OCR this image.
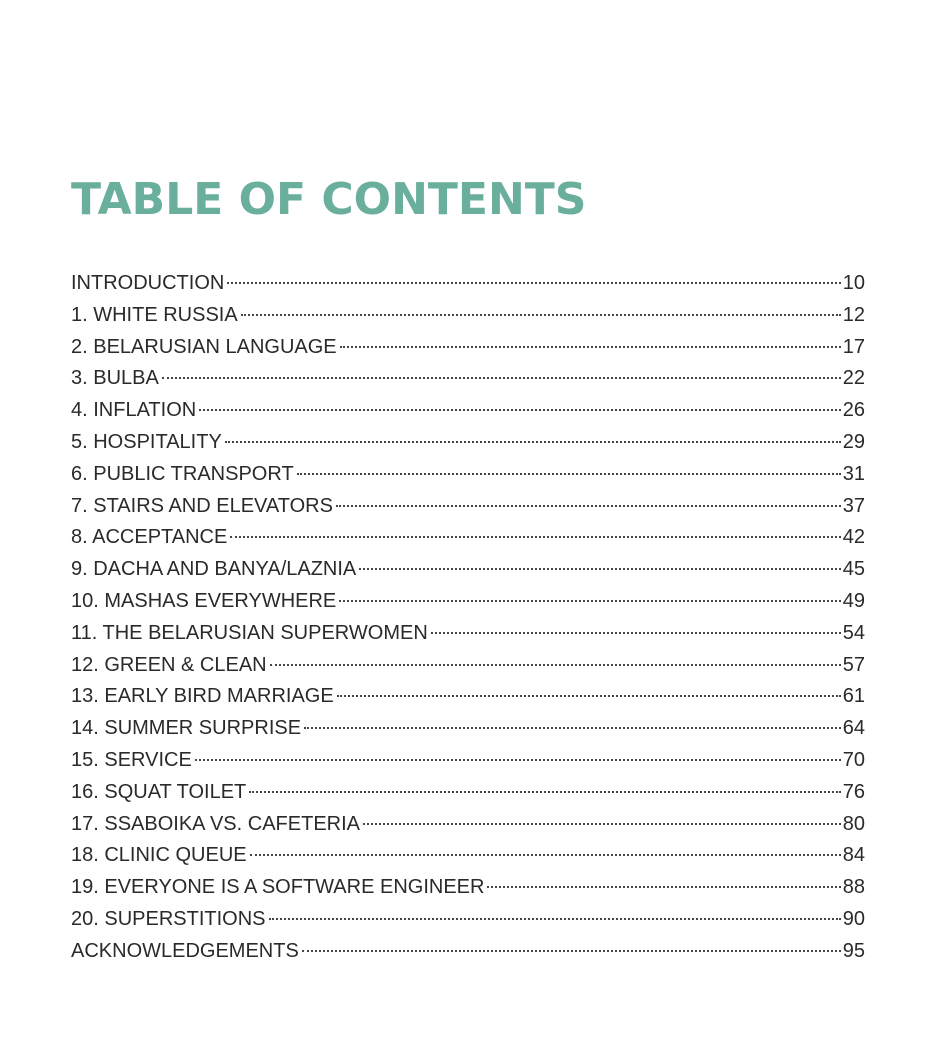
TABLE OF CONTENTS
INTRODUCTION	10
1. WHITE RUSSIA	12
2. BELARUSIAN LANGUAGE	17
3. BULBA	22
4. INFLATION	26
5. HOSPITALITY	29
6. PUBLIC TRANSPORT	31
7. STAIRS AND ELEVATORS	37
8. ACCEPTANCE	42
9. DACHA AND BANYA/LAZNIA	45
10. MASHAS EVERYWHERE	49
11. THE BELARUSIAN SUPERWOMEN	54
12. GREEN & CLEAN	57
13. EARLY BIRD MARRIAGE	61
14. SUMMER SURPRISE	64
15. SERVICE	70
16. SQUAT TOILET	76
17. SSABOIKA VS. CAFETERIA	80
18. CLINIC QUEUE	84
19. EVERYONE IS A SOFTWARE ENGINEER	88
20. SUPERSTITIONS	90
ACKNOWLEDGEMENTS	95
